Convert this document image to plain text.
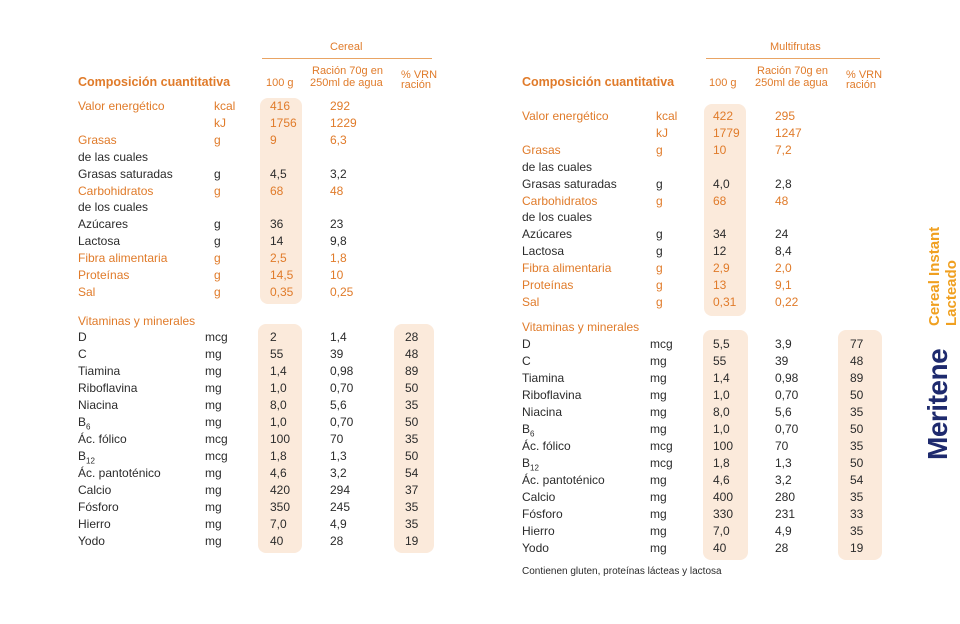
Cereal
Composición cuantitativa	100 g
Ración 70g en
250ml de agua
% VRN
ración
Valor energético	kcal	416	292
kJ	1756	1229
Grasas	g	9	6,3
de las cuales
Grasas saturadas	g	4,5	3,2
Carbohidratos	g	68	48
de los cuales
Azúcares	g	36	23
Lactosa	g	14	9,8
Fibra alimentaria	g	2,5	1,8
Proteínas	g	14,5	10
Sal	g	0,35	0,25
Vitaminas y minerales
D	mcg	2	1,4	28
C	mg	55	39	48
Tiamina	mg	1,4	0,98	89
Riboflavina	mg	1,0	0,70	50
Niacina	mg	8,0	5,6	35
$B_6$	mg	1,0	0,70	50
Ác. fólico	mcg	100	70	35
$B_{12}$	mcg	1,8	1,3	50
Ác. pantoténico	mg	4,6	3,2	54
Calcio	mg	420	294	37
Fósforo	mg	350	245	35
Hierro	mg	7,0	4,9	35
Yodo	mg	40	28	19
Multifrutas
Composición cuantitativa	100 g
Ración 70g en
250ml de agua
% VRN
ración
Valor energético	kcal	422	295
kJ	1779	1247
Grasas	g	10	7,2
de las cuales
Grasas saturadas	g	4,0	2,8
Carbohidratos	g	68	48
de los cuales
Azúcares	g	34	24
Lactosa	g	12	8,4
Fibra alimentaria	g	2,9	2,0
Proteínas	g	13	9,1
Sal	g	0,31	0,22
Vitaminas y minerales
D	mcg	5,5	3,9	77
C	mg	55	39	48
Tiamina	mg	1,4	0,98	89
Riboflavina	mg	1,0	0,70	50
Niacina	mg	8,0	5,6	35
$B_6$	mg	1,0	0,70	50
Ác. fólico	mcg	100	70	35
$B_{12}$	mcg	1,8	1,3	50
Ác. pantoténico	mg	4,6	3,2	54
Calcio	mg	400	280	35
Fósforo	mg	330	231	33
Hierro	mg	7,0	4,9	35
Yodo	mg	40	28	19
Meritene
Cereal Instant Lacteado
Contienen gluten, proteínas lácteas y lactosa
